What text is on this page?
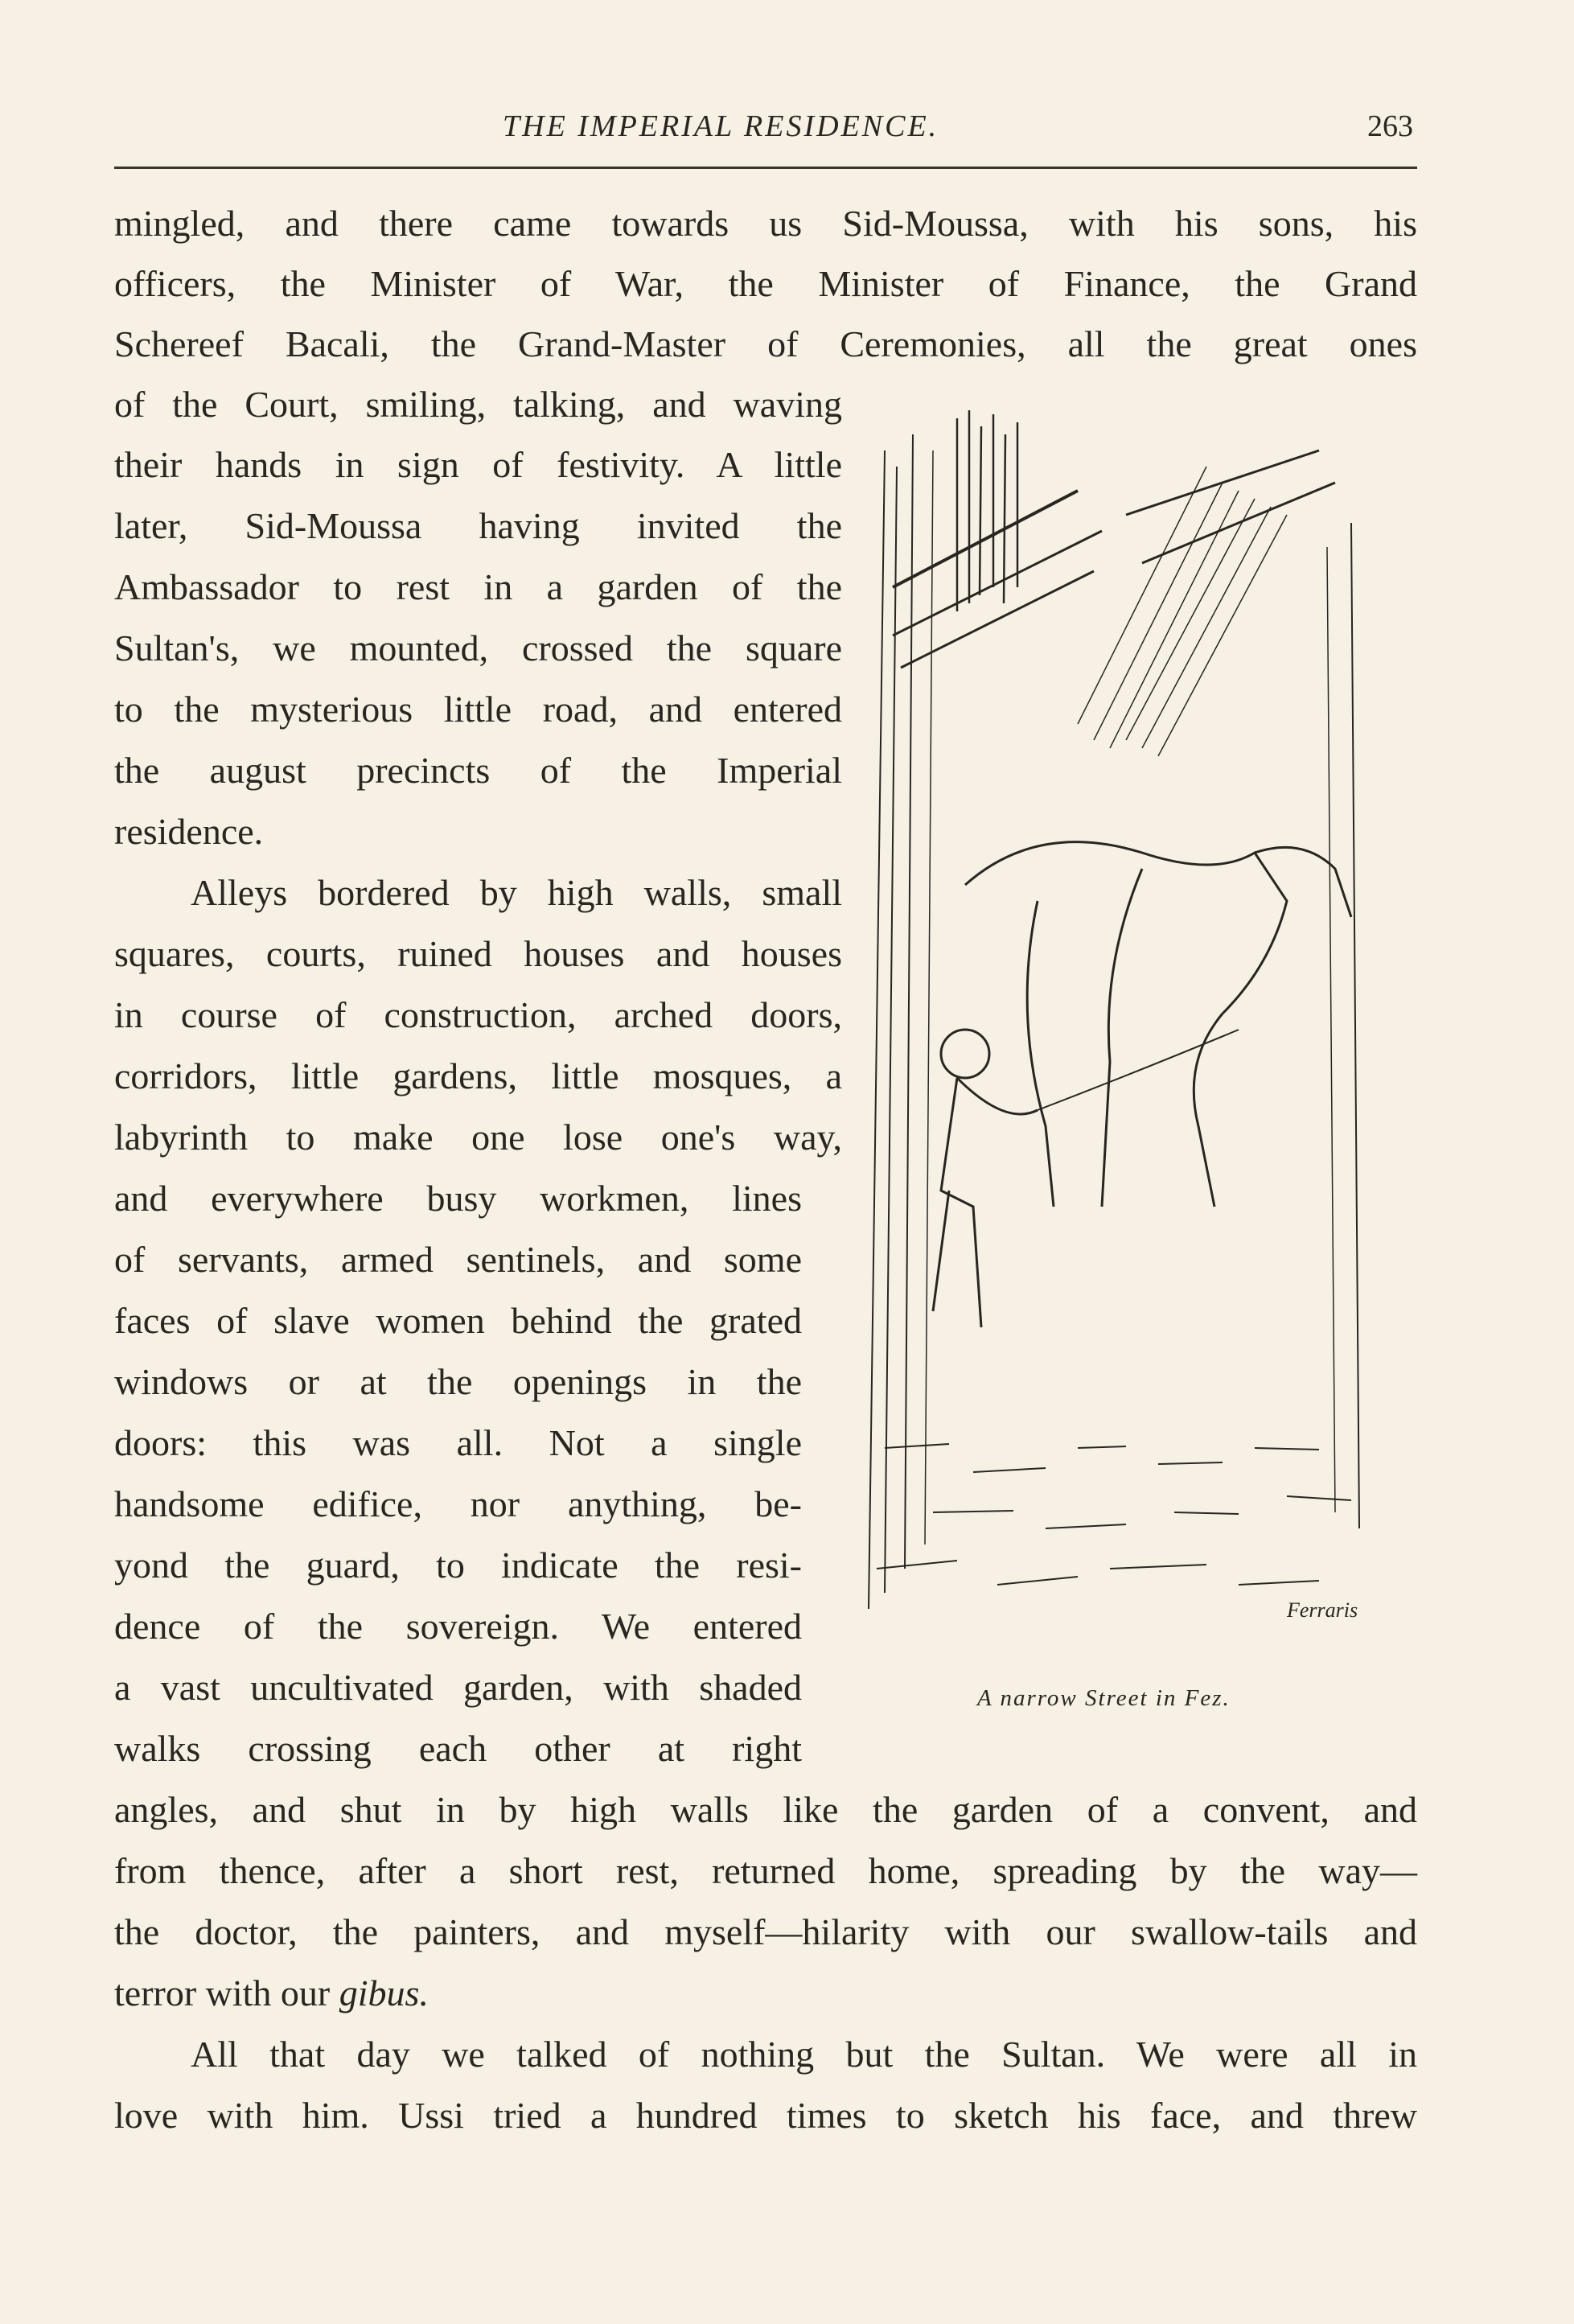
THE IMPERIAL RESIDENCE.	263
mingled, and there came towards us Sid-Moussa, with his sons, his
officers, the Minister of War, the Minister of Finance, the Grand
Schereef Bacali, the Grand-Master of Ceremonies, all the great ones
of the Court, smiling, talking, and waving
their hands in sign of festivity. A little
later, Sid-Moussa having invited the
Ambassador to rest in a garden of the
Sultan's, we mounted, crossed the square
to the mysterious little road, and entered
the august precincts of the Imperial
residence.
Alleys bordered by high walls, small
squares, courts, ruined houses and houses
in course of construction, arched doors,
corridors, little gardens, little mosques, a
labyrinth to make one lose one's way,
and everywhere busy workmen, lines
of servants, armed sentinels, and some
faces of slave women behind the grated
windows or at the openings in the
doors: this was all. Not a single
handsome edifice, nor anything, be-
yond the guard, to indicate the resi-
dence of the sovereign. We entered
a vast uncultivated garden, with shaded
walks crossing each other at right
angles, and shut in by high walls like the garden of a convent, and
from thence, after a short rest, returned home, spreading by the way—
the doctor, the painters, and myself—hilarity with our swallow-tails and
terror with our gibus.
All that day we talked of nothing but the Sultan. We were all in
love with him. Ussi tried a hundred times to sketch his face, and threw
Ferraris
A narrow Street in Fez.
